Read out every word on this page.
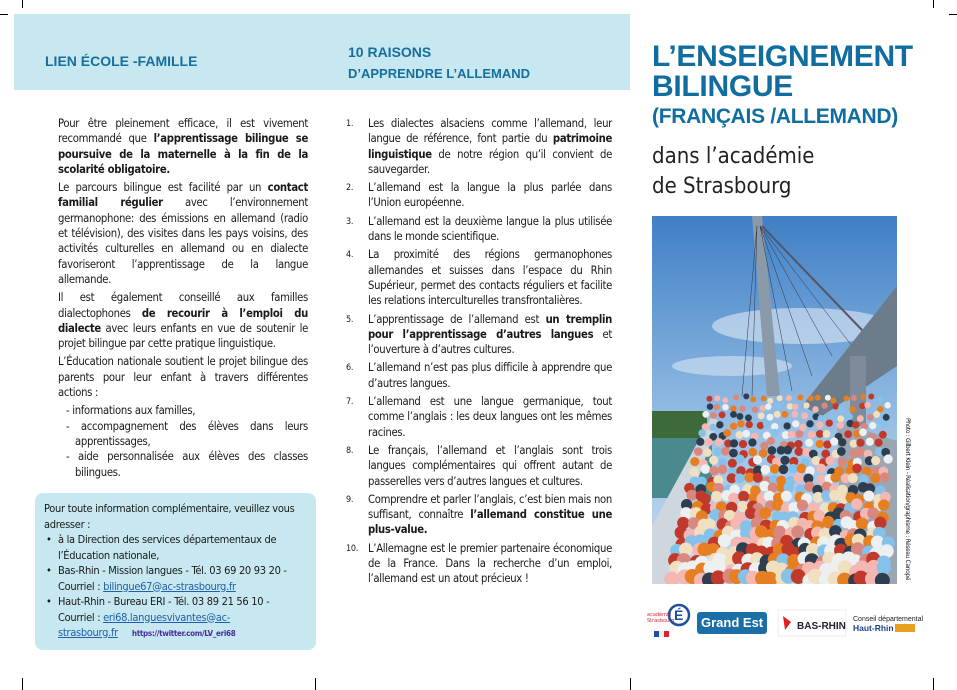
LIEN ÉCOLE -FAMILLE
10 RAISONS
D’APPRENDRE L’ALLEMAND

Pour être pleinement efficace, il est vivement recommandé que l’apprentissage bilingue se poursuive de la maternelle à la fin de la scolarité obligatoire.

Le parcours bilingue est facilité par un contact familial régulier avec l’environnement germanophone: des émissions en allemand (radio et télévision), des visites dans les pays voisins, des activités culturelles en allemand ou en dialecte favoriseront l’apprentissage de la langue allemande.

Il est également conseillé aux familles dialectophones de recourir à l’emploi du dialecte avec leurs enfants en vue de soutenir le projet bilingue par cette pratique linguistique.

L’Éducation nationale soutient le projet bilingue des parents pour leur enfant à travers différentes actions :

- informations aux familles,
- accompagnement des élèves dans leurs apprentissages,
- aide personnalisée aux élèves des classes bilingues.
Pour toute information complémentaire, veuillez vous adresser :
• à la Direction des services départementaux de l’Éducation nationale,
• Bas-Rhin - Mission langues - Tél. 03 69 20 93 20 - Courriel : bilingue67@ac-strasbourg.fr
• Haut-Rhin - Bureau ERI - Tél. 03 89 21 56 10 - Courriel : eri68.languesvivantes@ac-strasbourg.fr https://twitter.com/LV_eri68
1. Les dialectes alsaciens comme l’allemand, leur langue de référence, font partie du patrimoine linguistique de notre région qu’il convient de sauvegarder.
2. L’allemand est la langue la plus parlée dans l’Union européenne.
3. L’allemand est la deuxième langue la plus utilisée dans le monde scientifique.
4. La proximité des régions germanophones allemandes et suisses dans l’espace du Rhin Supérieur, permet des contacts réguliers et facilite les relations interculturelles transfrontalières.
5. L’apprentissage de l’allemand est un tremplin pour l’apprentissage d’autres langues et l’ouverture à d’autres cultures.
6. L’allemand n’est pas plus difficile à apprendre que d’autres langues.
7. L’allemand est une langue germanique, tout comme l’anglais : les deux langues ont les mêmes racines.
8. Le français, l’allemand et l’anglais sont trois langues complémentaires qui offrent autant de passerelles vers d’autres langues et cultures.
9. Comprendre et parler l’anglais, c’est bien mais non suffisant, connaître l’allemand constitue une plus-value.
10. L’Allemagne est le premier partenaire économique de la France. Dans la recherche d’un emploi, l’allemand est un atout précieux !
L’ENSEIGNEMENT
BILINGUE
(FRANÇAIS /ALLEMAND)
dans l’académie
de Strasbourg
Photo : Gilbert Klein - Réalisation/graphisme : Réseau Canopé
académie
Strasbourg É Grand Est	BAS-RHIN
Conseil départemental
Haut-Rhin
